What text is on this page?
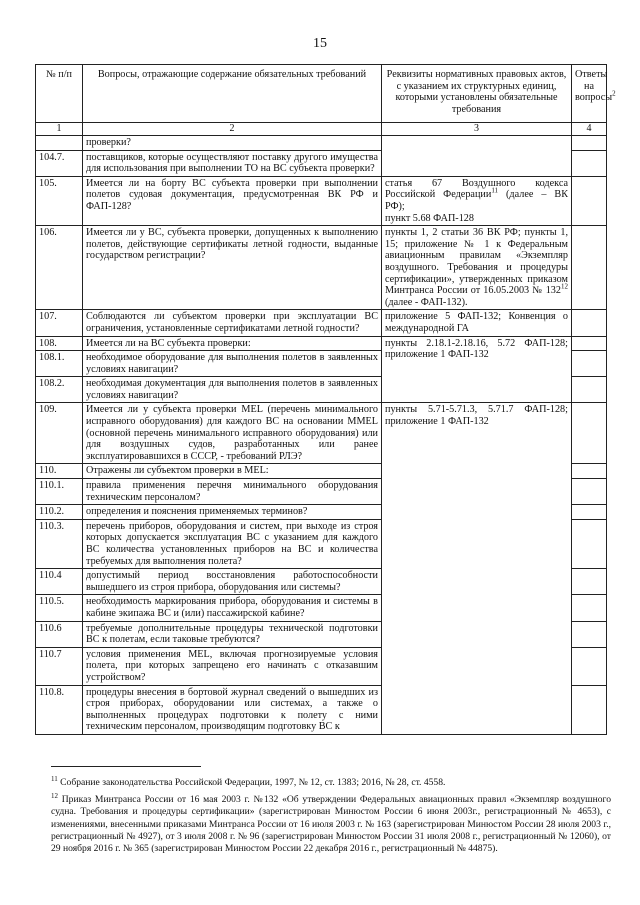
15
№ п/п	Вопросы, отражающие содержание обязательных требований	Реквизиты нормативных правовых актов, с указанием их структурных единиц, которыми установлены обязательные требования	Ответы на вопросы$^2$
1	2	3	4
	проверки?		
104.7.	поставщиков, которые осуществляют поставку другого имущества для использования при выполнении ТО на ВС субъекта проверки?		
105.	Имеется ли на борту ВС субъекта проверки при выполнении полетов судовая документация, предусмотренная ВК РФ и ФАП-128?	статья 67 Воздушного кодекса Российской Федерации$^{11}$ (далее – ВК РФ);
пункт 5.68 ФАП-128	
106.	Имеется ли у ВС, субъекта проверки, допущенных к выполнению полетов, действующие сертификаты летной годности, выданные государством регистрации?	пункты 1, 2 статьи 36 ВК РФ; пункты 1, 15; приложение № 1 к Федеральным авиационным правилам «Экземпляр воздушного. Требования и процедуры сертификации», утвержденных приказом Минтранса России от 16.05.2003 № $132^{12}$ (далее - ФАП-132).	
107.	Соблюдаются ли субъектом проверки при эксплуатации ВС ограничения, установленные сертификатами летной годности?	приложение 5 ФАП-132; Конвенция о международной ГА	
108.	Имеется ли на ВС субъекта проверки:	пункты 2.18.1-2.18.16, 5.72 ФАП-128; приложение 1 ФАП-132	
108.1.	необходимое оборудование для выполнения полетов в заявленных условиях навигации?		
108.2.	необходимая документация для выполнения полетов в заявленных условиях навигации?		
109.	Имеется ли у субъекта проверки MEL (перечень минимального исправного оборудования) для каждого ВС на основании MMEL (основной перечень минимального исправного оборудования) или для воздушных судов, разработанных или ранее эксплуатировавшихся в СССР, - требований РЛЭ?	пункты 5.71-5.71.3, 5.71.7 ФАП-128; приложение 1 ФАП-132	
110.	Отражены ли субъектом проверки в MEL:		
110.1.	правила применения перечня минимального оборудования техническим персоналом?		
110.2.	определения и пояснения применяемых терминов?		
110.3.	перечень приборов, оборудования и систем, при выходе из строя которых допускается эксплуатация ВС с указанием для каждого ВС количества установленных приборов на ВС и количества требуемых для выполнения полета?		
110.4	допустимый период восстановления работоспособности вышедшего из строя прибора, оборудования или системы?		
110.5.	необходимость маркирования прибора, оборудования и системы в кабине экипажа ВС и (или) пассажирской кабине?		
110.6	требуемые дополнительные процедуры технической подготовки ВС к полетам, если таковые требуются?		
110.7	условия применения MEL, включая прогнозируемые условия полета, при которых запрещено его начинать с отказавшим устройством?		
110.8.	процедуры внесения в бортовой журнал сведений о вышедших из строя приборах, оборудовании или системах, а также о выполненных процедурах подготовки к полету с ними техническим персоналом, производящим подготовку ВС к		

$^{11}$ Собрание законодательства Российской Федерации, 1997, № 12, ст. 1383; 2016, № 28, ст. 4558.

$^{12}$ Приказ Минтранса России от 16 мая 2003 г. №132 «Об утверждении Федеральных авиационных правил «Экземпляр воздушного судна. Требования и процедуры сертификации» (зарегистрирован Минюстом России 6 июня 2003г., регистрационный № 4653), с изменениями, внесенными приказами Минтранса России от 16 июля 2003 г. № 163 (зарегистрирован Минюстом России 28 июля 2003 г., регистрационный № 4927), от 3 июля 2008 г. № 96 (зарегистрирован Минюстом России 31 июля 2008 г., регистрационный № 12060), от 29 ноября 2016 г. № 365 (зарегистрирован Минюстом России 22 декабря 2016 г., регистрационный № 44875).
